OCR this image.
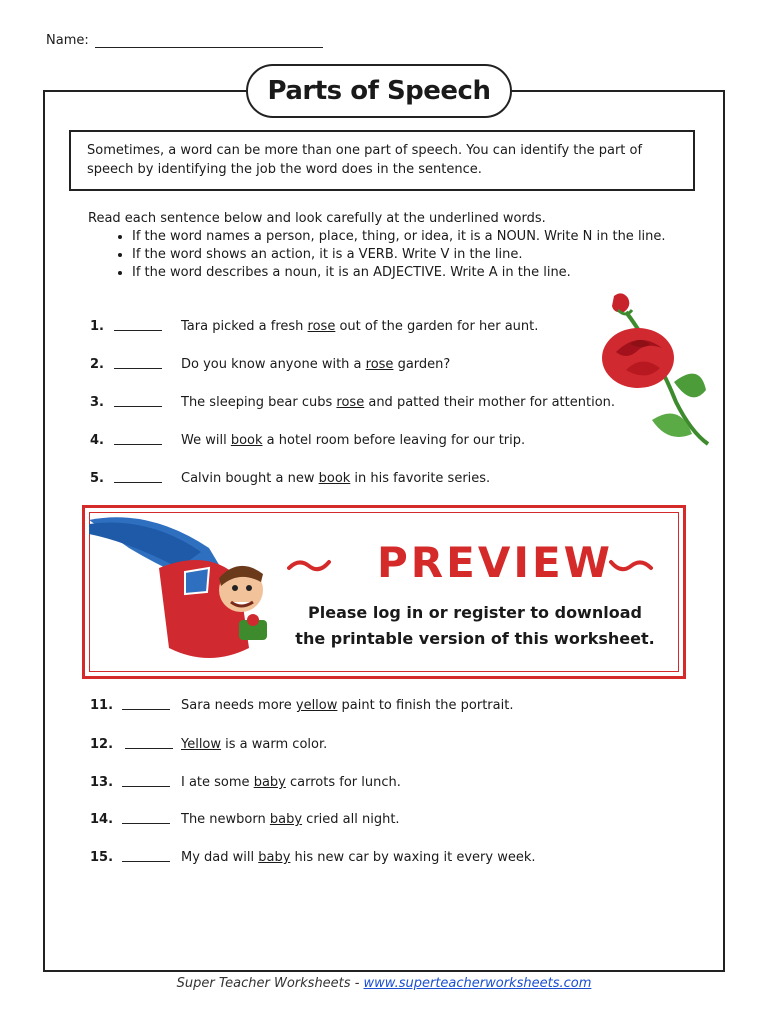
Name:
Parts of Speech
Sometimes, a word can be more than one part of speech. You can identify the part of speech by identifying the job the word does in the sentence.
Read each sentence below and look carefully at the underlined words.
• If the word names a person, place, thing, or idea, it is a NOUN. Write N in the line.
• If the word shows an action, it is a VERB. Write V in the line.
• If the word describes a noun, it is an ADJECTIVE. Write A in the line.
1.	Tara picked a fresh rose out of the garden for her aunt.
2.	Do you know anyone with a rose garden?
3.	The sleeping bear cubs rose and patted their mother for attention.
4.	We will book a hotel room before leaving for our trip.
5.	Calvin bought a new book in his favorite series.
PREVIEW
Please log in or register to download
the printable version of this worksheet.
11.	Sara needs more yellow paint to finish the portrait.
12.	Yellow is a warm color.
13.	I ate some baby carrots for lunch.
14.	The newborn baby cried all night.
15.	My dad will baby his new car by waxing it every week.
Super Teacher Worksheets - www.superteacherworksheets.com
